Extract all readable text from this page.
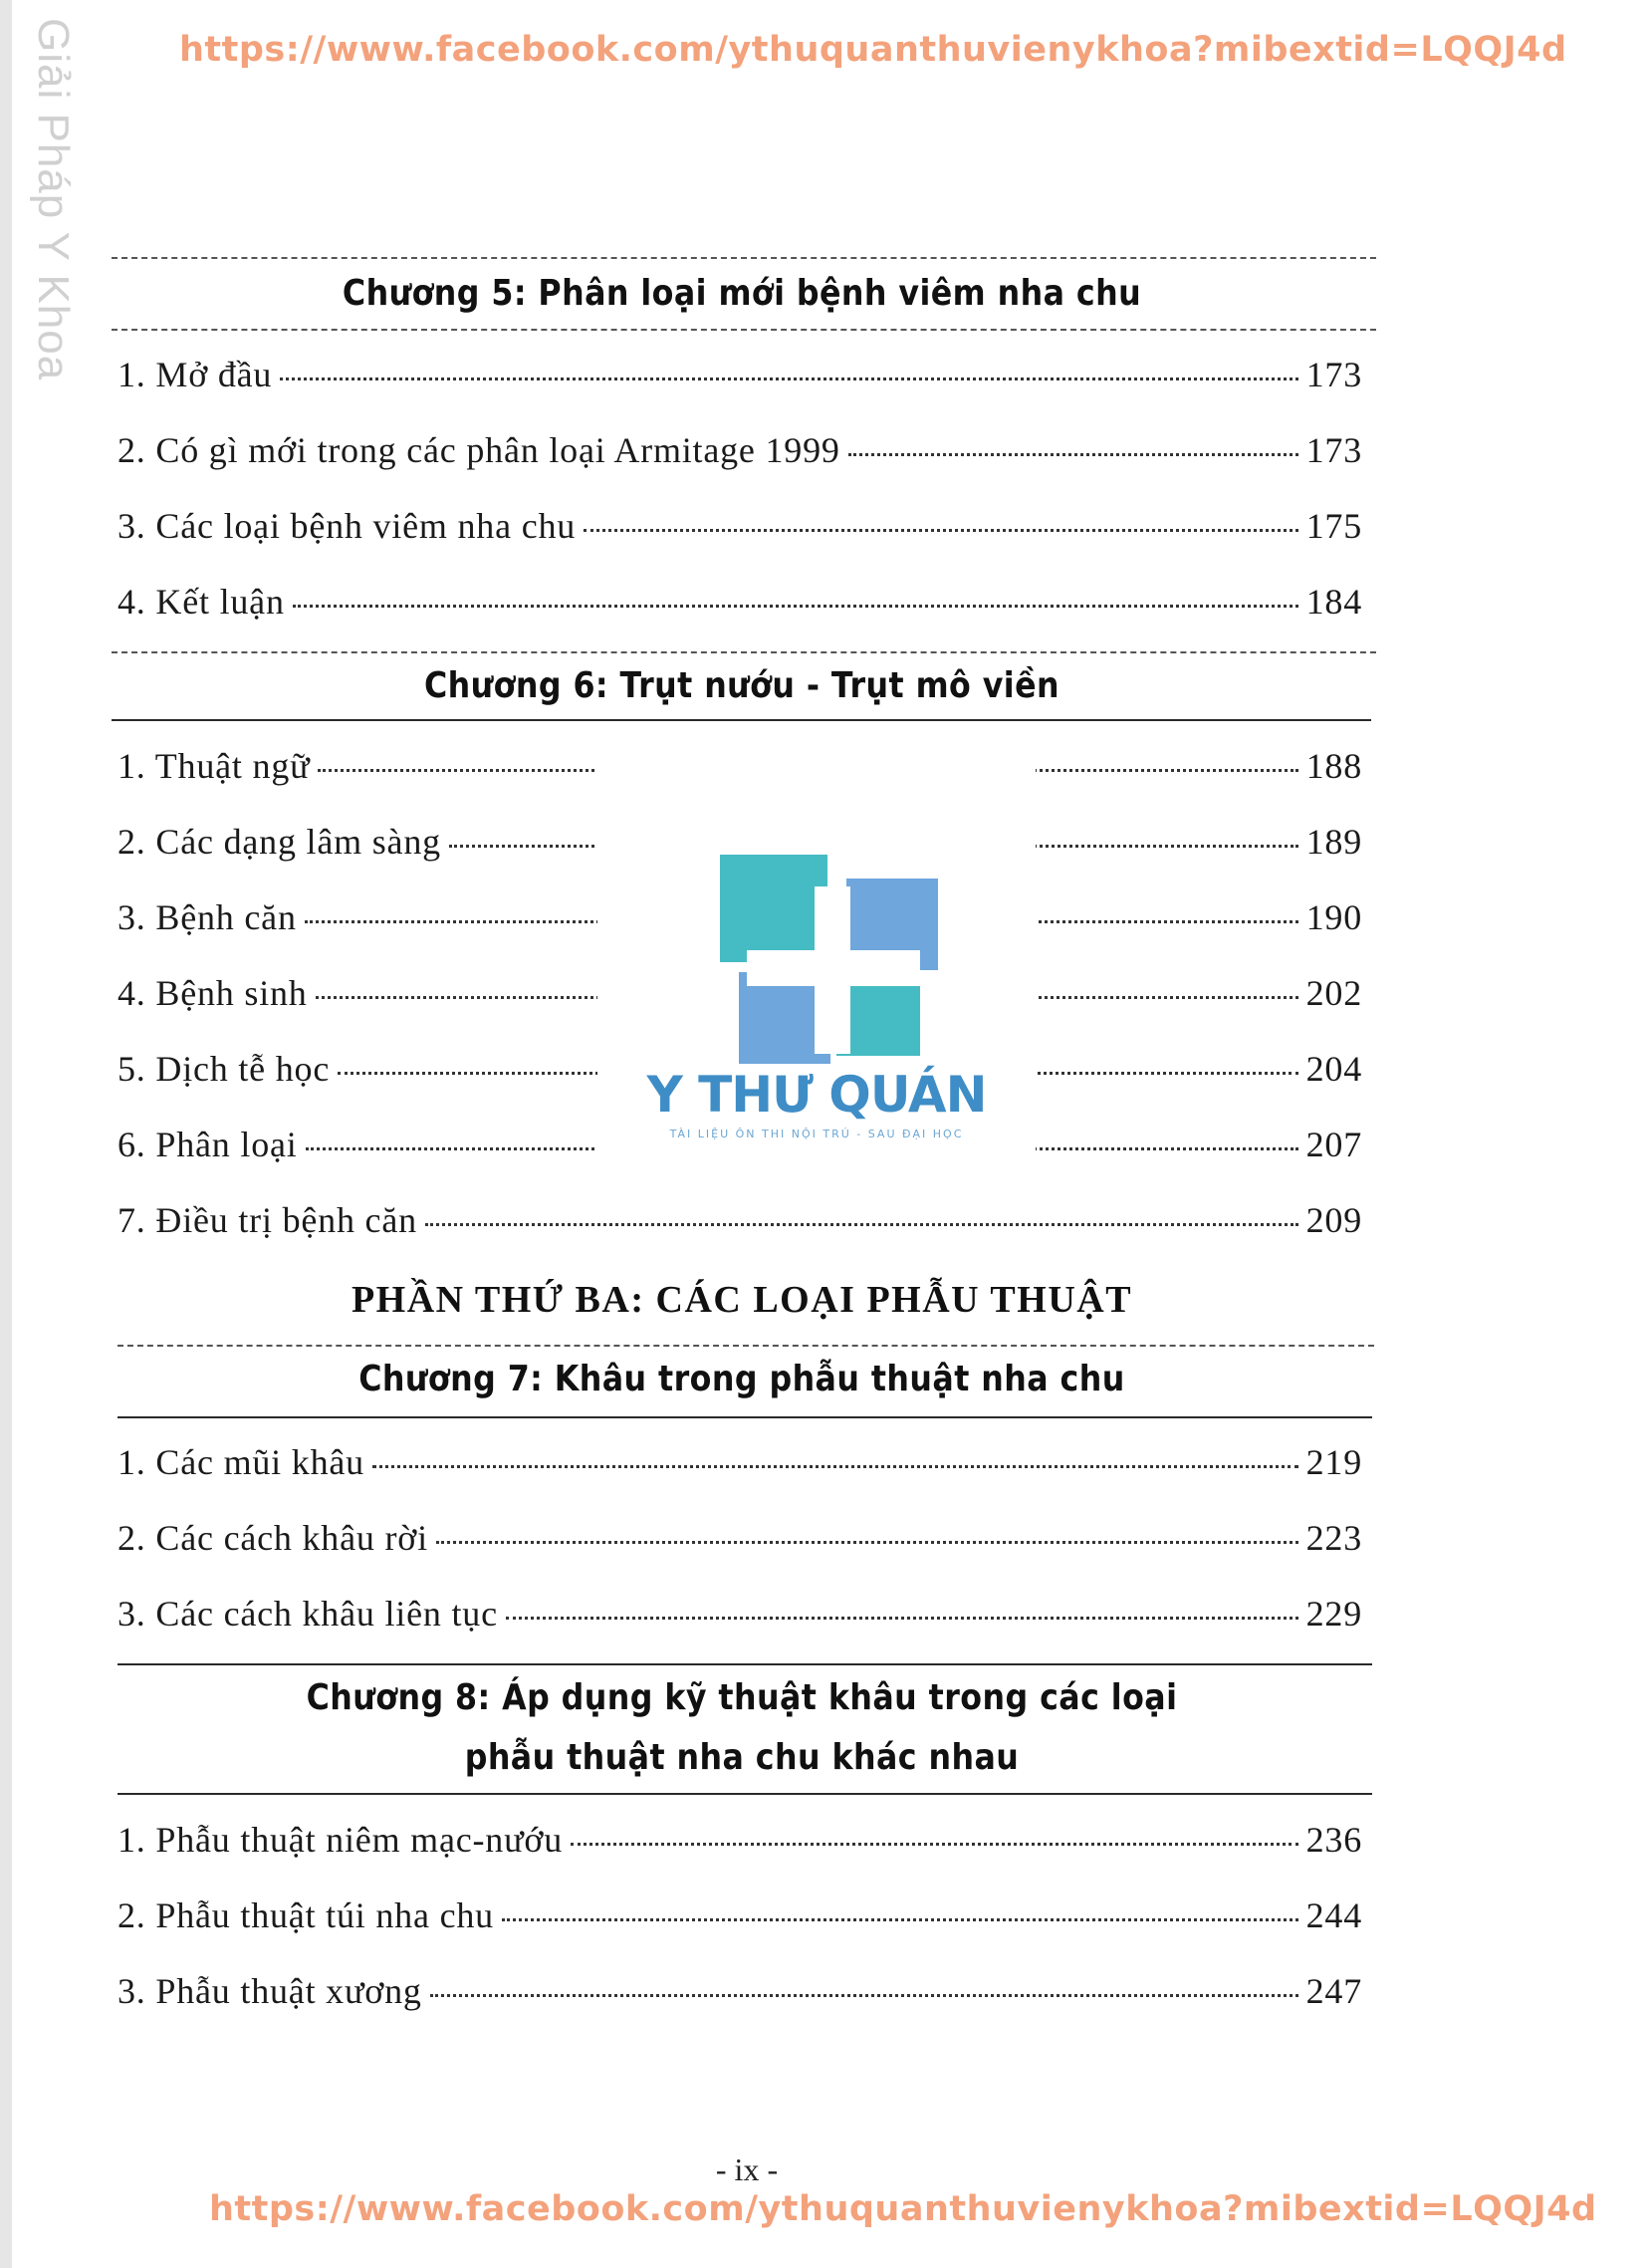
Giải Pháp Y Khoa	https://www.facebook.com/ythuquanthuvienykhoa?mibextid=LQQJ4d
Chương 5: Phân loại mới bệnh viêm nha chu
1. Mở đầu	173
2. Có gì mới trong các phân loại Armitage 1999	173
3. Các loại bệnh viêm nha chu	175
4. Kết luận	184
Chương 6: Trụt nướu - Trụt mô viền
1. Thuật ngữ	188
2. Các dạng lâm sàng	189
3. Bệnh căn	190
4. Bệnh sinh	202
5. Dịch tễ học	204
6. Phân loại	207
7. Điều trị bệnh căn	209
Y THƯ QUÁN
TÀI LIỆU ÔN THI NỘI TRÚ - SAU ĐẠI HỌC
PHẦN THỨ BA: CÁC LOẠI PHẪU THUẬT
Chương 7: Khâu trong phẫu thuật nha chu
1. Các mũi khâu	219
2. Các cách khâu rời	223
3. Các cách khâu liên tục	229
Chương 8: Áp dụng kỹ thuật khâu trong các loại
phẫu thuật nha chu khác nhau
1. Phẫu thuật niêm mạc-nướu	236
2. Phẫu thuật túi nha chu	244
3. Phẫu thuật xương	247
- ix -
https://www.facebook.com/ythuquanthuvienykhoa?mibextid=LQQJ4d
